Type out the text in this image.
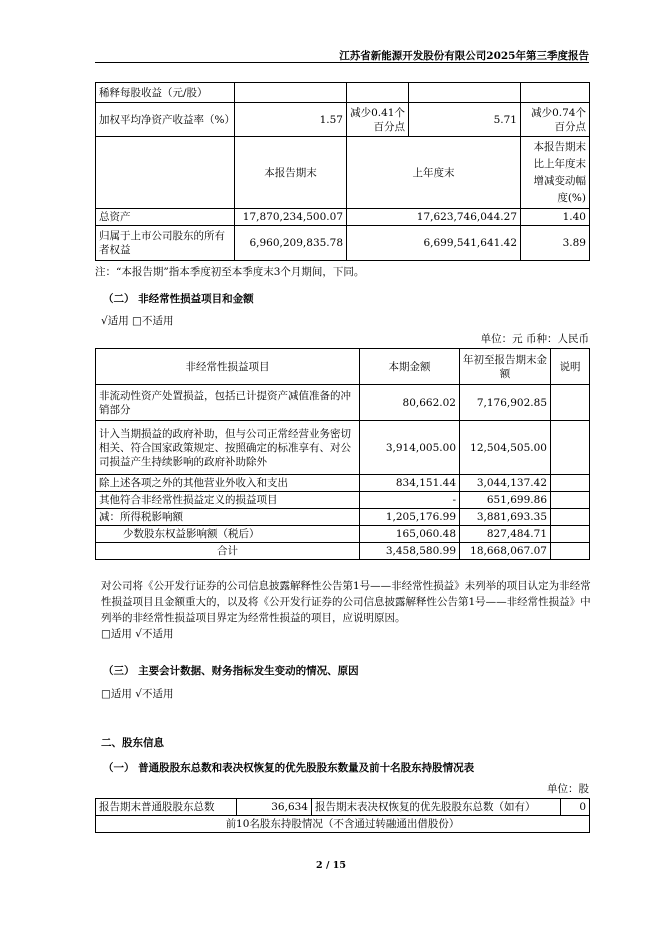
江苏省新能源开发股份有限公司2025年第三季度报告
稀释每股收益（元/股）				
加权平均净资产收益率（%）	1.57	减少0.41个百分点	5.71	减少0.74个百分点
	本报告期末	上年度末		本报告期末比上年度末增减变动幅度(%)
总资产	17,870,234,500.07	17,623,746,044.27		1.40
归属于上市公司股东的所有者权益	6,960,209,835.78	6,699,541,641.42		3.89
注：“本报告期”指本季度初至本季度末3个月期间，下同。
（二） 非经常性损益项目和金额
√适用 □不适用
单位：元 币种：人民币
非经常性损益项目	本期金额	年初至报告期末金额	说明
非流动性资产处置损益，包括已计提资产减值准备的冲销部分	80,662.02	7,176,902.85	
计入当期损益的政府补助，但与公司正常经营业务密切相关、符合国家政策规定、按照确定的标准享有、对公司损益产生持续影响的政府补助除外	3,914,005.00	12,504,505.00	
除上述各项之外的其他营业外收入和支出	834,151.44	3,044,137.42	
其他符合非经常性损益定义的损益项目	-	651,699.86	
减：所得税影响额	1,205,176.99	3,881,693.35	
少数股东权益影响额（税后）	165,060.48	827,484.71	
合计	3,458,580.99	18,668,067.07	
对公司将《公开发行证券的公司信息披露解释性公告第1号——非经常性损益》未列举的项目认定为非经常性损益项目且金额重大的，以及将《公开发行证券的公司信息披露解释性公告第1号——非经常性损益》中列举的非经常性损益项目界定为经常性损益的项目，应说明原因。
□适用 √不适用
（三） 主要会计数据、财务指标发生变动的情况、原因
□适用 √不适用
二、股东信息
（一） 普通股股东总数和表决权恢复的优先股股东数量及前十名股东持股情况表
单位：股
报告期末普通股股东总数	36,634	报告期末表决权恢复的优先股股东总数（如有）	0
前10名股东持股情况（不含通过转融通出借股份）
2 / 15
